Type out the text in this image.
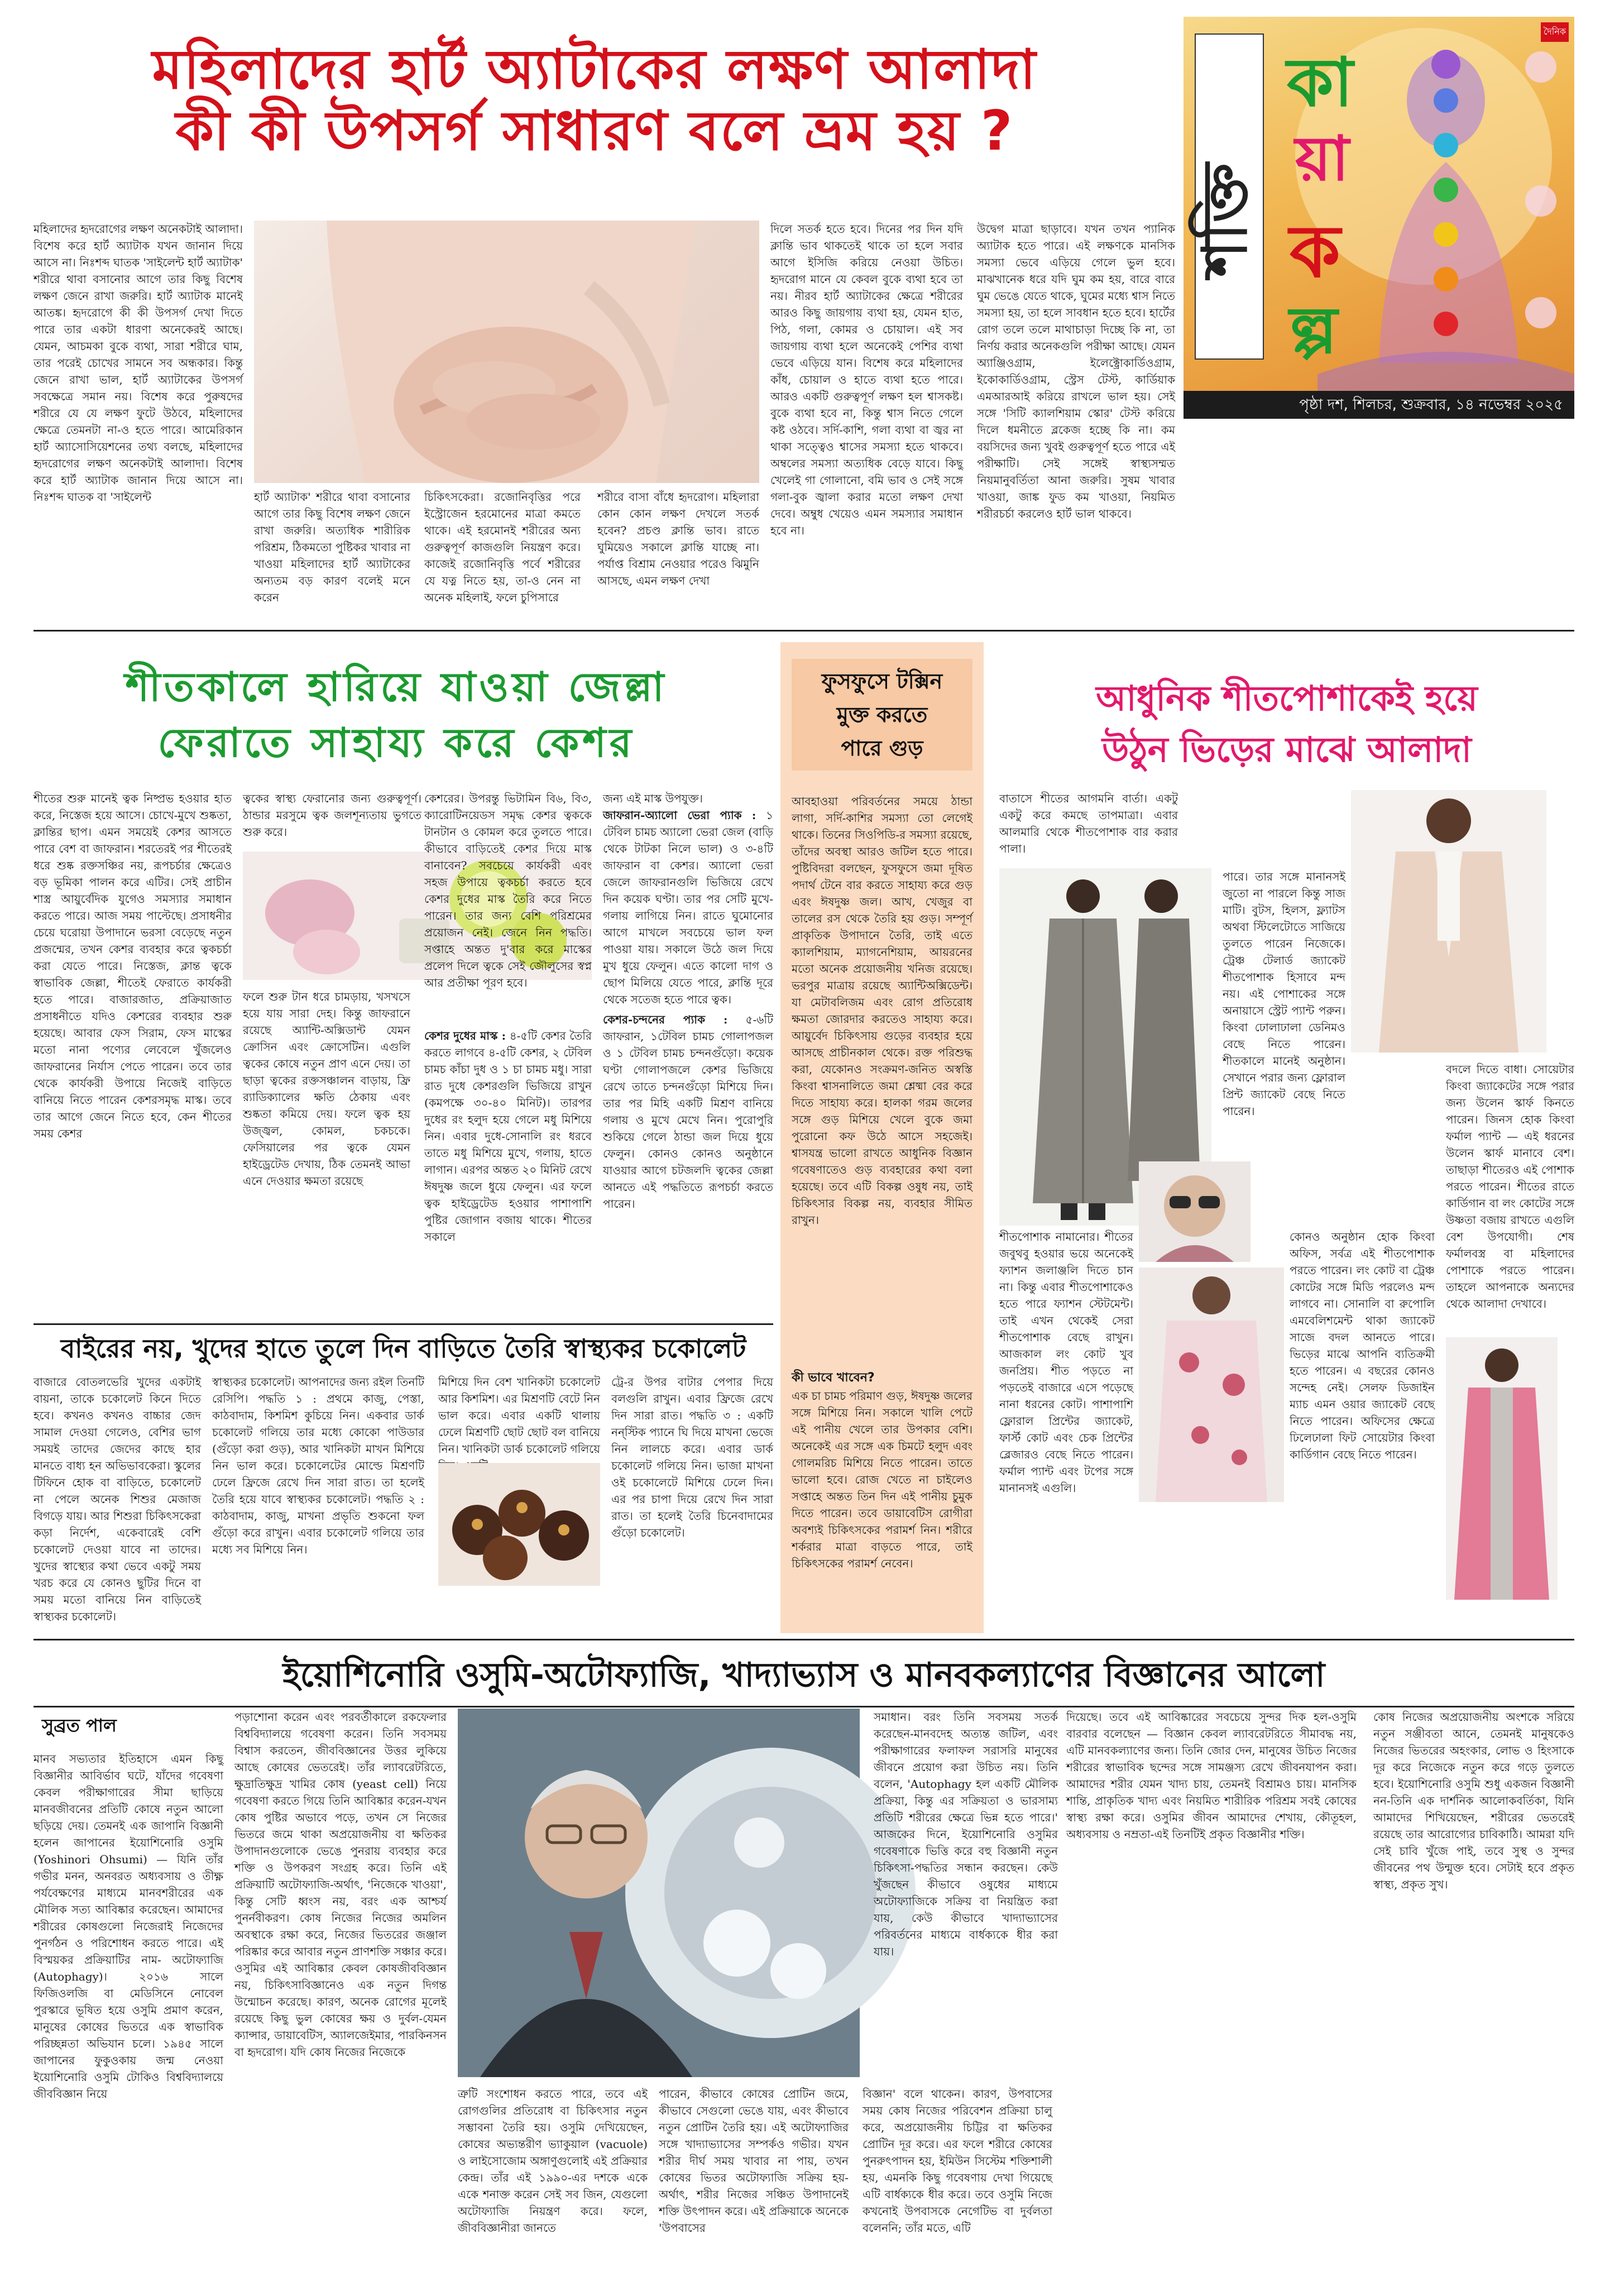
মহিলাদের হার্ট অ্যাটাকের লক্ষণ আলাদা
কী কী উপসর্গ সাধারণ বলে ভ্রম হয় ?
শক্তি
কা
য়া
ক
ল্প
দৈনিক
পৃষ্ঠা দশ, শিলচর, শুক্রবার, ১৪ নভেম্বর ২০২৫
মহিলাদের হৃদরোগের লক্ষণ অনেকটাই আলাদা। বিশেষ করে হার্ট অ্যাটাক যখন জানান দিয়ে আসে না। নিঃশব্দ ঘাতক 'সাইলেন্ট হার্ট অ্যাটাক' শরীরে থাবা বসানোর আগে তার কিছু বিশেষ লক্ষণ জেনে রাখা জরুরি। হার্ট অ্যাটাক মানেই আতঙ্ক। হৃদরোগে কী কী উপসর্গ দেখা দিতে পারে তার একটা ধারণা অনেকেরই আছে। যেমন, আচমকা বুকে ব্যথা, সারা শরীরে ঘাম, তার পরেই চোখের সামনে সব অন্ধকার। কিন্তু জেনে রাখা ভাল, হার্ট অ্যাটাকের উপসর্গ সবক্ষেত্রে সমান নয়। বিশেষ করে পুরুষদের শরীরে যে যে লক্ষণ ফুটে উঠবে, মহিলাদের ক্ষেত্রে তেমনটা না-ও হতে পারে। আমেরিকান হার্ট অ্যাসোসিয়েশনের তথ্য বলছে, মহিলাদের হৃদরোগের লক্ষণ অনেকটাই আলাদা। বিশেষ করে হার্ট অ্যাটাক জানান দিয়ে আসে না। নিঃশব্দ ঘাতক বা 'সাইলেন্ট	হার্ট অ্যাটাক' শরীরে থাবা বসানোর আগে তার কিছু বিশেষ লক্ষণ জেনে রাখা জরুরি। অত্যধিক শারীরিক পরিশ্রম, ঠিকমতো পুষ্টিকর খাবার না খাওয়া মহিলাদের হার্ট অ্যাটাকের অন্যতম বড় কারণ বলেই মনে করেন
চিকিৎসকেরা। রজোনিবৃত্তির পরে ইস্ট্রোজেন হরমোনের মাত্রা কমতে থাকে। এই হরমোনই শরীরের অন্য গুরুত্বপূর্ণ কাজগুলি নিয়ন্ত্রণ করে। কাজেই রজোনিবৃত্তি পর্বে শরীরের যে যত্ন নিতে হয়, তা-ও নেন না অনেক মহিলাই, ফলে চুপিসারে
শরীরে বাসা বাঁধে হৃদরোগ। মহিলারা কোন কোন লক্ষণ দেখলে সতর্ক হবেন? প্রচণ্ড ক্লান্তি ভাব। রাতে ঘুমিয়েও সকালে ক্লান্তি যাচ্ছে না। পর্যাপ্ত বিশ্রাম নেওয়ার পরেও ঝিমুনি আসছে, এমন লক্ষণ দেখা
দিলে সতর্ক হতে হবে। দিনের পর দিন যদি ক্লান্তি ভাব থাকতেই থাকে তা হলে সবার আগে ইসিজি করিয়ে নেওয়া উচিত। হৃদরোগ মানে যে কেবল বুকে ব্যথা হবে তা নয়। নীরব হার্ট অ্যাটাকের ক্ষেত্রে শরীরের আরও কিছু জায়গায় ব্যথা হয়, যেমন হাত, পিঠ, গলা, কোমর ও চোয়াল। এই সব জায়গায় ব্যথা হলে অনেকেই পেশির ব্যথা ভেবে এড়িয়ে যান। বিশেষ করে মহিলাদের কাঁধ, চোয়াল ও হাতে ব্যথা হতে পারে। আরও একটি গুরুত্বপূর্ণ লক্ষণ হল শ্বাসকষ্ট। বুকে ব্যথা হবে না, কিন্তু শ্বাস নিতে গেলে কষ্ট ওঠবে। সর্দি-কাশি, গলা ব্যথা বা জ্বর না থাকা সত্ত্বেও শ্বাসের সমস্যা হতে থাকবে। অম্বলের সমস্যা অত্যধিক বেড়ে যাবে। কিছু খেলেই গা গোলানো, বমি ভাব ও সেই সঙ্গে গলা-বুক জ্বালা করার মতো লক্ষণ দেখা দেবে। অম্বুধ খেয়েও এমন সমস্যার সমাধান হবে না।
উদ্বেগ মাত্রা ছাড়াবে। যখন তখন প্যানিক অ্যাটাক হতে পারে। এই লক্ষণকে মানসিক সমস্যা ভেবে এড়িয়ে গেলে ভুল হবে। মাঝখানেক ধরে যদি ঘুম কম হয়, বারে বারে ঘুম ভেঙে যেতে থাকে, ঘুমের মধ্যে শ্বাস নিতে সমস্যা হয়, তা হলে সাবধান হতে হবে। হার্টের রোগ তলে তলে মাথাচাড়া দিচ্ছে কি না, তা নির্ণয় করার অনেকগুলি পরীক্ষা আছে। যেমন অ্যাঞ্জিওগ্রাম, ইলেক্ট্রোকার্ডিওগ্রাম, ইকোকার্ডিওগ্রাম, স্ট্রেস টেস্ট, কার্ডিয়াক এমআরআই করিয়ে রাখলে ভাল হয়। সেই সঙ্গে 'সিটি ক্যালশিয়াম স্কোর' টেস্ট করিয়ে দিলে ধমনীতে ব্লকেজ হচ্ছে কি না। কম বয়সিদের জন্য খুবই গুরুত্বপূর্ণ হতে পারে এই পরীক্ষাটি। সেই সঙ্গেই স্বাস্থ্যসম্মত নিয়মানুবর্তিতা আনা জরুরি। সুষম খাবার খাওয়া, জাঙ্ক ফুড কম খাওয়া, নিয়মিত শরীরচর্চা করলেও হার্ট ভাল থাকবে।
শীতকালে হারিয়ে যাওয়া জেল্লা
ফেরাতে সাহায্য করে কেশর
শীতের শুরু মানেই ত্বক নিষ্প্রভ হওয়ার হাত করে, নিস্তেজ হয়ে আসে। চোখে-মুখে শুষ্কতা, ক্লান্তির ছাপ। এমন সময়েই কেশর আসতে পারে বেশ বা জাফরান। শরতেরই পর শীতেরই ধরে শুষ্ক রক্তসঞ্চির নয়, রূপচর্চার ক্ষেত্রেও বড় ভূমিকা পালন করে এটির। সেই প্রাচীন শাস্ত্র আয়ুর্বেদিক যুগেও সমস্যার সমাধান করতে পারে। আজ সময় পাল্টেছে। প্রসাধনীর চেয়ে ঘরোয়া উপাদানে ভরসা বেড়েছে নতুন প্রজন্মের, তখন কেশর ব্যবহার করে ত্বকচর্চা করা যেতে পারে। নিস্তেজ, ক্লান্ত ত্বকে স্বাভাবিক জেল্লা, শীতেই ফেরাতে কার্যকরী হতে পারে। বাজারজাত, প্রক্রিয়াজাত প্রসাধনীতে যদিও কেশরের ব্যবহার শুরু হয়েছে। আবার ফেস সিরাম, ফেস মাস্কের মতো নানা পণ্যের লেবেলে খুঁজলেও জাফরানের নির্যাস পেতে পারেন। তবে তার থেকে কার্যকরী উপায়ে নিজেই বাড়িতে বানিয়ে নিতে পারেন কেশরসমৃদ্ধ মাস্ক। তবে তার আগে জেনে নিতে হবে, কেন শীতের সময় কেশর
ত্বকের স্বাস্থ্য ফেরানোর জন্য গুরুত্বপূর্ণ। ঠান্ডার মরসুমে ত্বক জলশূন্যতায় ভুগতে শুরু করে।
ফলে শুরু টান ধরে চামড়ায়, খসখসে হয়ে যায় সারা দেহ। কিন্তু জাফরানে রয়েছে অ্যান্টি-অক্সিডান্ট যেমন ক্রোসিন এবং ক্রোসেটিন। এগুলি ত্বকের কোষে নতুন প্রাণ এনে দেয়। তা ছাড়া ত্বকের রক্তসঞ্চালন বাড়ায়, ফ্রি র‍্যাডিক্যালের ক্ষতি ঠেকায় এবং শুষ্কতা কমিয়ে দেয়। ফলে ত্বক হয় উজ্জ্বল, কোমল, চকচকে। ফেসিয়ালের পর ত্বকে যেমন হাইড্রেটেড দেখায়, ঠিক তেমনই আভা এনে দেওয়ার ক্ষমতা রয়েছে
কেশরের। উপরন্তু ভিটামিন বি৬, বি৩, ক্যারোটিনয়েডস সমৃদ্ধ কেশর ত্বককে টানটান ও কোমল করে তুলতে পারে। কীভাবে বাড়িতেই কেশর দিয়ে মাস্ক বানাবেন? সবচেয়ে কার্যকরী এবং সহজ উপায়ে ত্বকচর্চা করতে হবে কেশর দুধের মাস্ক তৈরি করে নিতে পারেন। তার জন্য বেশি পরিশ্রমের প্রয়োজন নেই। জেনে নিন পদ্ধতি। সপ্তাহে অন্তত দু'বার করে মাস্কের প্রলেপ দিলে ত্বকে সেই জৌলুসের স্বপ্ন আর প্রতীক্ষা পূরণ হবে।
কেশর দুধের মাস্ক : ৪-৫টি কেশর তৈরি করতে লাগবে ৪-৫টি কেশর, ২ টেবিল চামচ কাঁচা দুধ ও ১ চা চামচ মধু। সারা রাত দুধে কেশরগুলি ভিজিয়ে রাখুন (কমপক্ষে ৩০-৪০ মিনিট)। তারপর দুধের রং হলুদ হয়ে গেলে মধু মিশিয়ে নিন। এবার দুধে-সোনালি রং ধরবে তাতে মধু মিশিয়ে মুখে, গলায়, হাতে লাগান। এরপর অন্তত ২০ মিনিট রেখে ঈষদুষ্ণ জলে ধুয়ে ফেলুন। এর ফলে ত্বক হাইড্রেটেড হওয়ার পাশাপাশি পুষ্টির জোগান বজায় থাকে। শীতের সকালে
জন্য এই মাস্ক উপযুক্ত।
জাফরান-অ্যালো ভেরা প্যাক : ১ টেবিল চামচ অ্যালো ভেরা জেল (বাড়ি থেকে টাটকা নিলে ভাল) ও ৩-৪টি জাফরান বা কেশর। অ্যালো ভেরা জেলে জাফরানগুলি ভিজিয়ে রেখে দিন কয়েক ঘণ্টা। তার পর সেটি মুখে-গলায় লাগিয়ে নিন। রাতে ঘুমোনোর আগে মাখলে সবচেয়ে ভাল ফল পাওয়া যায়। সকালে উঠে জল দিয়ে মুখ ধুয়ে ফেলুন। এতে কালো দাগ ও ছোপ মিলিয়ে যেতে পারে, ক্লান্তি দূরে থেকে সতেজ হতে পারে ত্বক।
কেশর-চন্দনের প্যাক : ৫-৬টি জাফরান, ১টেবিল চামচ গোলাপজল ও ১ টেবিল চামচ চন্দনগুঁড়ো। কয়েক ঘণ্টা গোলাপজলে কেশর ভিজিয়ে রেখে তাতে চন্দনগুঁড়ো মিশিয়ে দিন। তার পর মিহি একটি মিশ্রণ বানিয়ে গলায় ও মুখে মেখে নিন। পুরোপুরি শুকিয়ে গেলে ঠান্ডা জল দিয়ে ধুয়ে ফেলুন। কোনও কোনও অনুষ্ঠানে যাওয়ার আগে চটজলদি ত্বকের জেল্লা আনতে এই পদ্ধতিতে রূপচর্চা করতে পারেন।
ফুসফুসে টক্সিন
মুক্ত করতে
পারে গুড়
আবহাওয়া পরিবর্তনের সময়ে ঠান্ডা লাগা, সর্দি-কাশির সমস্যা তো লেগেই থাকে। তিনের সিওপিডি-র সমস্যা রয়েছে, তাঁদের অবস্থা আরও জটিল হতে পারে। পুষ্টিবিদরা বলছেন, ফুসফুসে জমা দূষিত পদার্থ টেনে বার করতে সাহায্য করে গুড় এবং ঈষদুষ্ণ জল। আখ, খেজুর বা তালের রস থেকে তৈরি হয় গুড়। সম্পূর্ণ প্রাকৃতিক উপাদানে তৈরি, তাই এতে ক্যালশিয়াম, ম্যাগনেশিয়াম, আয়রনের মতো অনেক প্রয়োজনীয় খনিজ রয়েছে। ভরপুর মাত্রায় রয়েছে অ্যান্টিঅক্সিডেন্ট। যা মেটাবলিজম এবং রোগ প্রতিরোধ ক্ষমতা জোরদার করতেও সাহায্য করে। আয়ুর্বেদ চিকিৎসায় গুড়ের ব্যবহার হয়ে আসছে প্রাচীনকাল থেকে। রক্ত পরিশুদ্ধ করা, যেকোনও সংক্রমণ-জনিত অস্বস্তি কিংবা শ্বাসনালিতে জমা শ্লেষ্মা বের করে দিতে সাহায্য করে। হালকা গরম জলের সঙ্গে গুড় মিশিয়ে খেলে বুকে জমা পুরোনো কফ উঠে আসে সহজেই। শ্বাসযন্ত্র ভালো রাখতে আধুনিক বিজ্ঞান গবেষণাতেও গুড় ব্যবহারের কথা বলা হয়েছে। তবে এটি বিকল্প ওষুধ নয়, তাই চিকিৎসার বিকল্প নয়, ব্যবহার সীমিত রাখুন।
কী ভাবে খাবেন?
এক চা চামচ পরিমাণ গুড়, ঈষদুষ্ণ জলের সঙ্গে মিশিয়ে নিন। সকালে খালি পেটে এই পানীয় খেলে তার উপকার বেশি। অনেকেই এর সঙ্গে এক চিমটে হলুদ এবং গোলমরিচ মিশিয়ে নিতে পারেন। তাতে ভালো হবে। রোজ খেতে না চাইলেও সপ্তাহে অন্তত তিন দিন এই পানীয় চুমুক দিতে পারেন। তবে ডায়াবেটিস রোগীরা অবশ্যই চিকিৎসকের পরামর্শ নিন। শরীরে শর্করার মাত্রা বাড়তে পারে, তাই চিকিৎসকের পরামর্শ নেবেন।
আধুনিক শীতপোশাকেই হয়ে
উঠুন ভিড়ের মাঝে আলাদা
বাতাসে শীতের আগমনি বার্তা। একটু একটু করে কমছে তাপমাত্রা। এবার আলমারি থেকে শীতপোশাক বার করার পালা।
পারে। তার সঙ্গে মানানসই জুতো না পারলে কিন্তু সাজ মাটি। বুটস, হিলস, ফ্ল্যাটস অথবা স্টিলেটোতে সাজিয়ে তুলতে পারেন নিজেকে। ট্রেঞ্চ টেলার্ড জ্যাকেট শীতপোশাক হিসাবে মন্দ নয়। এই পোশাকের সঙ্গে অনায়াসে স্ট্রেট প্যান্ট পরুন। কিংবা ঢোলাঢালা ডেনিমও বেছে নিতে পারেন। শীতকালে মানেই অনুষ্ঠান। সেখানে পরার জন্য ফ্লোরাল প্রিন্ট জ্যাকেট বেছে নিতে পারেন।
শীতপোশাক নামানোর। শীতের জবুথবু হওয়ার ভয়ে অনেকেই ফ্যাশন জলাঞ্জলি দিতে চান না। কিন্তু এবার শীতপোশাকেও হতে পারে ফ্যাশন স্টেটমেন্ট। তাই এখন থেকেই সেরা শীতপোশাক বেছে রাখুন। আজকাল লং কোট খুব জনপ্রিয়। শীত পড়তে না পড়তেই বাজারে এসে পড়েছে নানা ধরনের কোট। পাশাপাশি ফ্লোরাল প্রিন্টের জ্যাকেট, ফার্স্ট কোট এবং চেক প্রিন্টের ব্লেজারও বেছে নিতে পারেন। ফর্মাল প্যান্ট এবং টপের সঙ্গে মানানসই এগুলি।
কোনও অনুষ্ঠান হোক কিংবা অফিস, সর্বত্র এই শীতপোশাক পরতে পারেন। লং কোট বা ট্রেঞ্চ কোটের সঙ্গে মিডি পরলেও মন্দ লাগবে না। সোনালি বা রুপোলি এমবেলিশমেন্ট থাকা জ্যাকেট সাজে বদল আনতে পারে। ভিড়ের মাঝে আপনি ব্যতিক্রমী হতে পারেন। এ বছরের কোনও সন্দেহ নেই। সেলফ ডিজাইন ম্যাচ এমন ওয়ার জ্যাকেট বেছে নিতে পারেন। অফিসের ক্ষেত্রে ঢিলেঢালা ফিট সোয়েটার কিংবা কার্ডিগান বেছে নিতে পারেন।
বদলে দিতে বাধা। সোয়েটার কিংবা জ্যাকেটের সঙ্গে পরার জন্য উলেন স্কার্ফ কিনতে পারেন। জিনস হোক কিংবা ফর্মাল প্যান্ট — এই ধরনের উলেন স্কার্ফ মানাবে বেশ। তাছাড়া শীতেরও এই পোশাক পরতে পারেন। শীতের রাতে কার্ডিগান বা লং কোটের সঙ্গে উষ্ণতা বজায় রাখতে এগুলি বেশ উপযোগী। শেষ ফর্মালবস্ত্র বা মহিলাদের পোশাকে পরতে পারেন। তাহলে আপনাকে অন্যদের থেকে আলাদা দেখাবে।
বাইরের নয়, খুদের হাতে তুলে দিন বাড়িতে তৈরি স্বাস্থ্যকর চকোলেট
বাজারে বোতলভেরি খুদের একটাই বায়না, তাকে চকোলেট কিনে দিতে হবে। কখনও কখনও বাচ্চার জেদ সামাল দেওয়া গেলেও, বেশির ভাগ সময়ই তাদের জেদের কাছে হার মানতে বাধ্য হন অভিভাবকেরা। স্কুলের টিফিনে হোক বা বাড়িতে, চকোলেট না পেলে অনেক শিশুর মেজাজ বিগড়ে যায়। আর শিশুরা চিকিৎসকেরা কড়া নির্দেশ, একেবারেই বেশি চকোলেট দেওয়া যাবে না তাদের। খুদের স্বাস্থ্যের কথা ভেবে একটু সময় খরচ করে যে কোনও ছুটির দিনে বা সময় মতো বানিয়ে নিন বাড়িতেই স্বাস্থ্যকর চকোলেট।
স্বাস্থ্যকর চকোলেট। আপনাদের জন্য রইল তিনটি রেসিপি। পদ্ধতি ১ : প্রথমে কাজু, পেস্তা, কাঠবাদাম, কিশমিশ কুচিয়ে নিন। একবার ডার্ক চকোলেট গলিয়ে তার মধ্যে কোকো পাউডার (গুঁড়ো করা গুড়), আর খানিকটা মাখন মিশিয়ে নিন ভাল করে। চকোলেটের মোল্ডে মিশ্রণটি ঢেলে ফ্রিজে রেখে দিন সারা রাত। তা হলেই তৈরি হয়ে যাবে স্বাস্থ্যকর চকোলেট। পদ্ধতি ২ : কাঠবাদাম, কাজু, মাখনা প্রভৃতি শুকনো ফল গুঁড়ো করে রাখুন। এবার চকোলেট গলিয়ে তার মধ্যে সব মিশিয়ে নিন।
মিশিয়ে দিন বেশ খানিকটা চকোলেট আর কিশমিশ। এর মিশ্রণটি বেটে নিন ভাল করে। এবার একটি থালায় ঢেলে মিশ্রণটি ছোট ছোট বল বানিয়ে নিন। খানিকটা ডার্ক চকোলেট গলিয়ে
ট্রে-র উপর বাটার পেপার দিয়ে বলগুলি রাখুন। এবার ফ্রিজে রেখে দিন সারা রাত। পদ্ধতি ৩ : একটি নন্‌স্টিক প্যানে ঘি দিয়ে মাখনা ভেজে নিন লালচে করে। এবার ডার্ক চকোলেট গলিয়ে নিন। ভাজা মাখনা ওই চকোলেটে মিশিয়ে ঢেলে দিন। এর পর চাপা দিয়ে রেখে দিন সারা রাত। তা হলেই তৈরি চিনেবাদামের গুঁড়ো চকোলেট।
ইয়োশিনোরি ওসুমি-অটোফ্যাজি, খাদ্যাভ্যাস ও মানবকল্যাণের বিজ্ঞানের আলো
সুব্রত পাল
মানব সভ্যতার ইতিহাসে এমন কিছু বিজ্ঞানীর আবির্ভাব ঘটে, যাঁদের গবেষণা কেবল পরীক্ষাগারের সীমা ছাড়িয়ে মানবজীবনের প্রতিটি কোষে নতুন আলো ছড়িয়ে দেয়। তেমনই এক জাপানি বিজ্ঞানী হলেন জাপানের ইয়োশিনোরি ওসুমি (Yoshinori Ohsumi) — যিনি তাঁর গভীর মনন, অনবরত অধ্যবসায় ও তীক্ষ্ণ পর্যবেক্ষণের মাধ্যমে মানবশরীরের এক মৌলিক সত্য আবিষ্কার করেছেন। আমাদের শরীরের কোষগুলো নিজেরাই নিজেদের পুনর্গঠন ও পরিশোধন করতে পারে। এই বিস্ময়কর প্রক্রিয়াটির নাম- অটোফ্যাজি (Autophagy)। ২০১৬ সালে ফিজিওলজি বা মেডিসিনে নোবেল পুরস্কারে ভূষিত হয়ে ওসুমি প্রমাণ করেন, মানুষের কোষের ভিতরে এক স্বাভাবিক পরিচ্ছন্নতা অভিযান চলে। ১৯৪৫ সালে জাপানের ফুকুওকায় জন্ম নেওয়া ইয়োশিনোরি ওসুমি টোকিও বিশ্ববিদ্যালয়ে জীববিজ্ঞান নিয়ে
পড়াশোনা করেন এবং পরবর্তীকালে রকফেলার বিশ্ববিদ্যালয়ে গবেষণা করেন। তিনি সবসময় বিশ্বাস করতেন, জীববিজ্ঞানের উত্তর লুকিয়ে আছে কোষের ভেতরেই। তাঁর ল্যাবরেটরিতে, ক্ষুদ্রাতিক্ষুদ্র খামির কোষ (yeast cell) নিয়ে গবেষণা করতে গিয়ে তিনি আবিষ্কার করেন-যখন কোষ পুষ্টির অভাবে পড়ে, তখন সে নিজের ভিতরে জমে থাকা অপ্রয়োজনীয় বা ক্ষতিকর উপাদানগুলোকে ভেঙে পুনরায় ব্যবহার করে শক্তি ও উপকরণ সংগ্রহ করে। তিনি এই প্রক্রিয়াটি অটোফ্যাজি-অর্থাৎ, 'নিজেকে খাওয়া', কিন্তু সেটি ধ্বংস নয়, বরং এক আশ্চর্য পুনর্নবীকরণ। কোষ নিজের নিজের অমলিন অবস্থাকে রক্ষা করে, নিজের ভিতরের জঞ্জাল পরিষ্কার করে আবার নতুন প্রাণশক্তি সঞ্চার করে। ওসুমির এই আবিষ্কার কেবল কোষজীববিজ্ঞান নয়, চিকিৎসাবিজ্ঞানেও এক নতুন দিগন্ত উন্মোচন করেছে। কারণ, অনেক রোগের মূলেই রয়েছে কিছু ভুল কোষের ক্ষয় ও দুর্বল-যেমন ক্যান্সার, ডায়াবেটিস, অ্যালজেইমার, পারকিনসন বা হৃদরোগ। যদি কোষ নিজের নিজেকে
ত্রুটি সংশোধন করতে পারে, তবে এই রোগগুলির প্রতিরোধ বা চিকিৎসার নতুন সম্ভাবনা তৈরি হয়। ওসুমি দেখিয়েছেন, কোষের অভ্যন্তরীণ ভ্যাকুয়াল (vacuole) ও লাইসোজোম অঙ্গাণুগুলোই এই প্রক্রিয়ার কেন্দ্র। তাঁর এই ১৯৯০-এর দশকে একে একে শনাক্ত করেন সেই সব জিন, যেগুলো অটোফ্যাজি নিয়ন্ত্রণ করে। ফলে, জীববিজ্ঞানীরা জানতে
পারেন, কীভাবে কোষের প্রোটিন জমে, কীভাবে সেগুলো ভেঙে যায়, এবং কীভাবে নতুন প্রোটিন তৈরি হয়। এই অটোফ্যাজির সঙ্গে খাদ্যাভ্যাসের সম্পর্কও গভীর। যখন শরীর দীর্ঘ সময় খাবার না পায়, তখন কোষের ভিতর অটোফ্যাজি সক্রিয় হয়-অর্থাৎ, শরীর নিজের সঞ্চিত উপাদানেই শক্তি উৎপাদন করে। এই প্রক্রিয়াকে অনেকে 'উপবাসের
বিজ্ঞান' বলে থাকেন। কারণ, উপবাসের সময় কোষ নিজের পরিবেশন প্রক্রিয়া চালু করে, অপ্রয়োজনীয় চিট্টির বা ক্ষতিকর প্রোটিন দূর করে। এর ফলে শরীরে কোষের পুনরুৎপাদন হয়, ইমিউন সিস্টেম শক্তিশালী হয়, এমনকি কিছু গবেষণায় দেখা গিয়েছে এটি বার্ধক্যকে ধীর করে। তবে ওসুমি নিজে কখনোই উপবাসকে নেগেটিভ বা দুর্বলতা বলেননি; তাঁর মতে, এটি
সমাধান। বরং তিনি সবসময় সতর্ক করেছেন-মানবদেহ অত্যন্ত জটিল, এবং পরীক্ষাগারের ফলাফল সরাসরি মানুষের জীবনে প্রয়োগ করা উচিত নয়। তিনি বলেন, 'Autophagy হল একটি মৌলিক প্রক্রিয়া, কিন্তু এর সক্রিয়তা ও ভারসাম্য প্রতিটি শরীরের ক্ষেত্রে ভিন্ন হতে পারে।' আজকের দিনে, ইয়োশিনোরি ওসুমির গবেষণাকে ভিত্তি করে বহু বিজ্ঞানী নতুন চিকিৎসা-পদ্ধতির সন্ধান করছেন। কেউ খুঁজছেন কীভাবে ওষুধের মাধ্যমে অটোফ্যাজিকে সক্রিয় বা নিয়ন্ত্রিত করা যায়, কেউ কীভাবে খাদ্যাভ্যাসের পরিবর্তনের মাধ্যমে বার্ধক্যকে ধীর করা যায়।
দিয়েছে। তবে এই আবিষ্কারের সবচেয়ে সুন্দর দিক হল-ওসুমি বারবার বলেছেন — বিজ্ঞান কেবল ল্যাবরেটরিতে সীমাবদ্ধ নয়, এটি মানবকল্যাণের জন্য। তিনি জোর দেন, মানুষের উচিত নিজের শরীরের স্বাভাবিক ছন্দের সঙ্গে সামঞ্জস্য রেখে জীবনযাপন করা। আমাদের শরীর যেমন খাদ্য চায়, তেমনই বিশ্রামও চায়। মানসিক শান্তি, প্রাকৃতিক খাদ্য এবং নিয়মিত শারীরিক পরিশ্রম সবই কোষের স্বাস্থ্য রক্ষা করে। ওসুমির জীবন আমাদের শেখায়, কৌতূহল, অধ্যবসায় ও নম্রতা-এই তিনটিই প্রকৃত বিজ্ঞানীর শক্তি।
কোষ নিজের অপ্রয়োজনীয় অংশকে সরিয়ে নতুন সঞ্জীবতা আনে, তেমনই মানুষকেও নিজের ভিতরের অহংকার, লোভ ও হিংসাকে দূর করে নিজেকে নতুন করে গড়ে তুলতে হবে। ইয়োশিনোরি ওসুমি শুধু একজন বিজ্ঞানী নন-তিনি এক দার্শনিক আলোকবর্তিকা, যিনি আমাদের শিখিয়েছেন, শরীরের ভেতরেই রয়েছে তার আরোগ্যের চাবিকাঠি। আমরা যদি সেই চাবি খুঁজে পাই, তবে সুস্থ ও সুন্দর জীবনের পথ উন্মুক্ত হবে। সেটাই হবে প্রকৃত স্বাস্থ্য, প্রকৃত সুখ।
